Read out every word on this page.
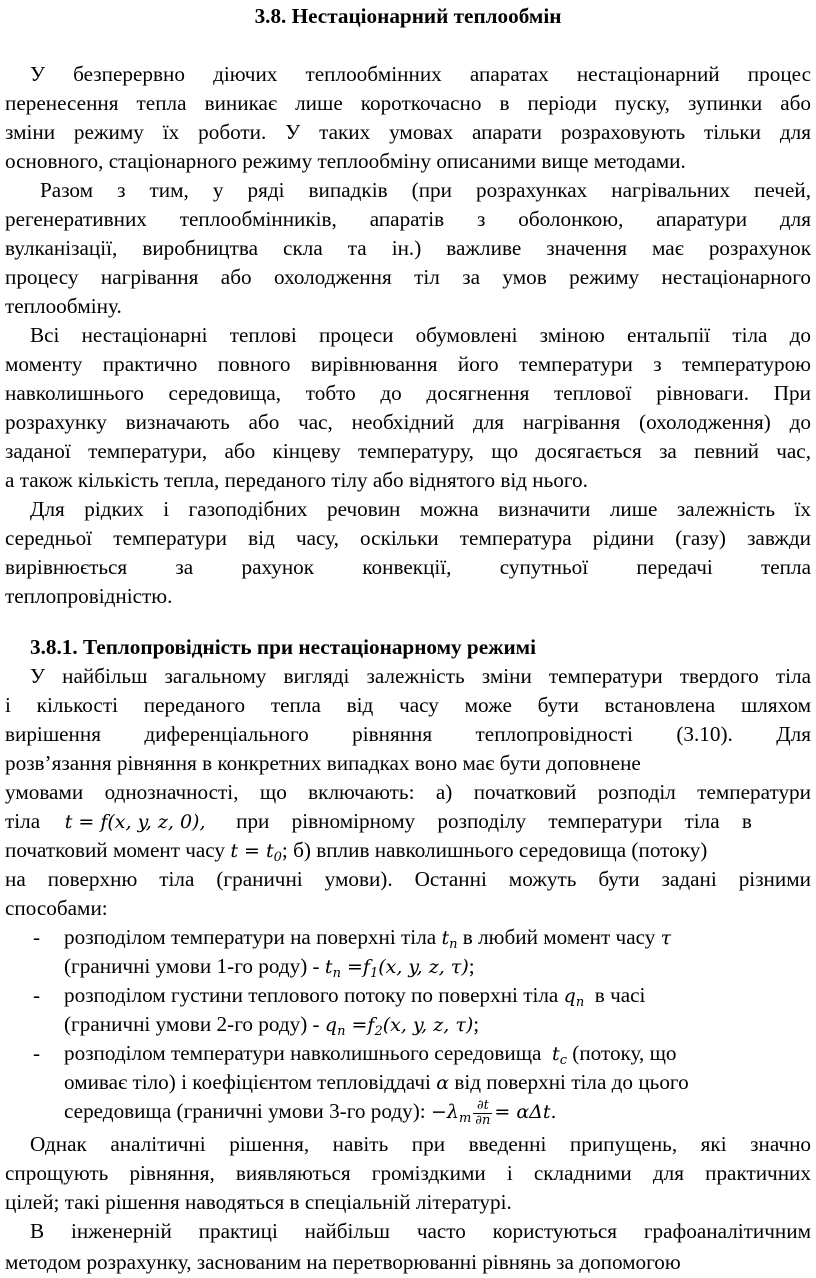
3.8. Нестаціонарний теплообмін
У безперервно діючих теплообмінних апаратах нестаціонарний процес
перенесення тепла виникає лише короткочасно в періоди пуску, зупинки або
зміни режиму їх роботи. У таких умовах апарати розраховують тільки для
основного, стаціонарного режиму теплообміну описаними вище методами.
Разом з тим, у ряді випадків (при розрахунках нагрівальних печей,
регенеративних теплообмінників, апаратів з оболонкою, апаратури для
вулканізації, виробництва скла та ін.) важливе значення має розрахунок
процесу нагрівання або охолодження тіл за умов режиму нестаціонарного
теплообміну.
Всі нестаціонарні теплові процеси обумовлені зміною ентальпії тіла до
моменту практично повного вирівнювання його температури з температурою
навколишнього середовища, тобто до досягнення теплової рівноваги. При
розрахунку визначають або час, необхідний для нагрівання (охолодження) до
заданої температури, або кінцеву температуру, що досягається за певний час,
а також кількість тепла, переданого тілу або віднятого від нього.
Для рідких і газоподібних речовин можна визначити лише залежність їх
середньої температури від часу, оскільки температура рідини (газу) завжди
вирівнюється за рахунок конвекції, супутньої передачі тепла
теплопровідністю.
3.8.1. Теплопровідність при нестаціонарному режимі
У найбільш загальному вигляді залежність зміни температури твердого тіла
і кількості переданого тепла від часу може бути встановлена шляхом
вирішення диференціального рівняння теплопровідності (3.10). Для
розв’язання рівняння в конкретних випадках воно має бути доповнене
умовами однозначності, що включають: а) початковий розподіл температури
тіла t = f(x, y, z, 0), при рівномірному розподілу температури тіла в
початковий момент часу $t = t_0$; б) вплив навколишнього середовища (потоку)
на поверхню тіла (граничні умови). Останні можуть бути задані різними
способами:
- розподілом температури на поверхні тіла $t_п$ в любий момент часу τ
(граничні умови 1-го роду) - $t_п =f_1(x$, y, z, τ);
- розподілом густини теплового потоку по поверхні тіла $q_п$ в часі
(граничні умови 2-го роду) - $q_п =f_2(x$, y, z, τ);
- розподілом температури навколишнього середовища $t_с$ (потоку, що
омиває тіло) і коефіцієнтом тепловіддачі α від поверхні тіла до цього
середовища (граничні умови 3-го роду): $-\lambda_т \frac{\partial t}{\partial n} = \alpha\Delta t$.
Однак аналітичні рішення, навіть при введенні припущень, які значно
спрощують рівняння, виявляються громіздкими і складними для практичних
цілей; такі рішення наводяться в спеціальній літературі.
В інженерній практиці найбільш часто користуються графоаналітичним
методом розрахунку, заснованим на перетворюванні рівнянь за допомогою
